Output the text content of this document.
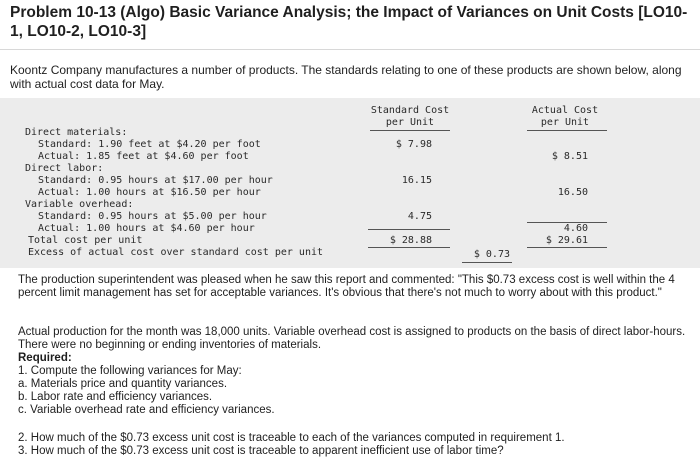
Problem 10-13 (Algo) Basic Variance Analysis; the Impact of Variances on Unit Costs [LO10-1, LO10-2, LO10-3]
Koontz Company manufactures a number of products. The standards relating to one of these products are shown below, along with actual cost data for May.
Standard Cost
per Unit
Actual Cost
per Unit
Direct materials:
Standard: 1.90 feet at $4.20 per foot
Actual: 1.85 feet at $4.60 per foot
Direct labor:
Standard: 0.95 hours at $17.00 per hour
Actual: 1.00 hours at $16.50 per hour
Variable overhead:
Standard: 0.95 hours at $5.00 per hour
Actual: 1.00 hours at $4.60 per hour
Total cost per unit
Excess of actual cost over standard cost per unit
$ 7.98
16.15
4.75
$ 28.88
$ 8.51
16.50
4.60
$ 29.61
$ 0.73
The production superintendent was pleased when he saw this report and commented: "This $0.73 excess cost is well within the 4 percent limit management has set for acceptable variances. It's obvious that there's not much to worry about with this product."
Actual production for the month was 18,000 units. Variable overhead cost is assigned to products on the basis of direct labor-hours. There were no beginning or ending inventories of materials.
Required:
1. Compute the following variances for May:
a. Materials price and quantity variances.
b. Labor rate and efficiency variances.
c. Variable overhead rate and efficiency variances.
2. How much of the $0.73 excess unit cost is traceable to each of the variances computed in requirement 1.
3. How much of the $0.73 excess unit cost is traceable to apparent inefficient use of labor time?
